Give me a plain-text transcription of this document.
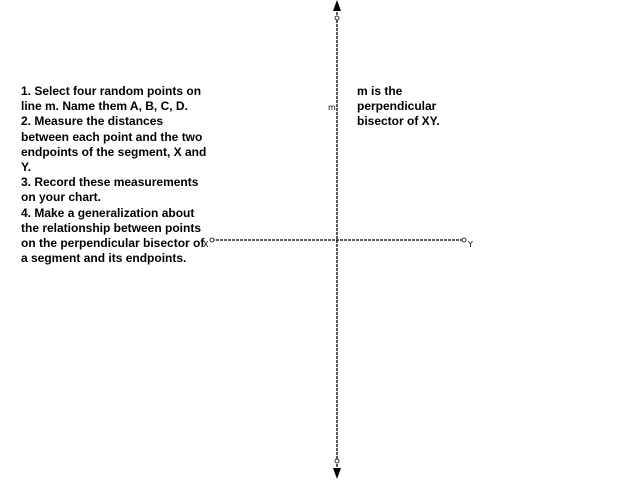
1. Select four random points on line m. Name them A, B, C, D.
2. Measure the distances between each point and the two endpoints of the segment, X and Y.
3. Record these measurements on your chart.
4. Make a generalization about the relationship between points on the perpendicular bisector of a segment and its endpoints.
m is the perpendicular bisector of XY.
m
X	Y
